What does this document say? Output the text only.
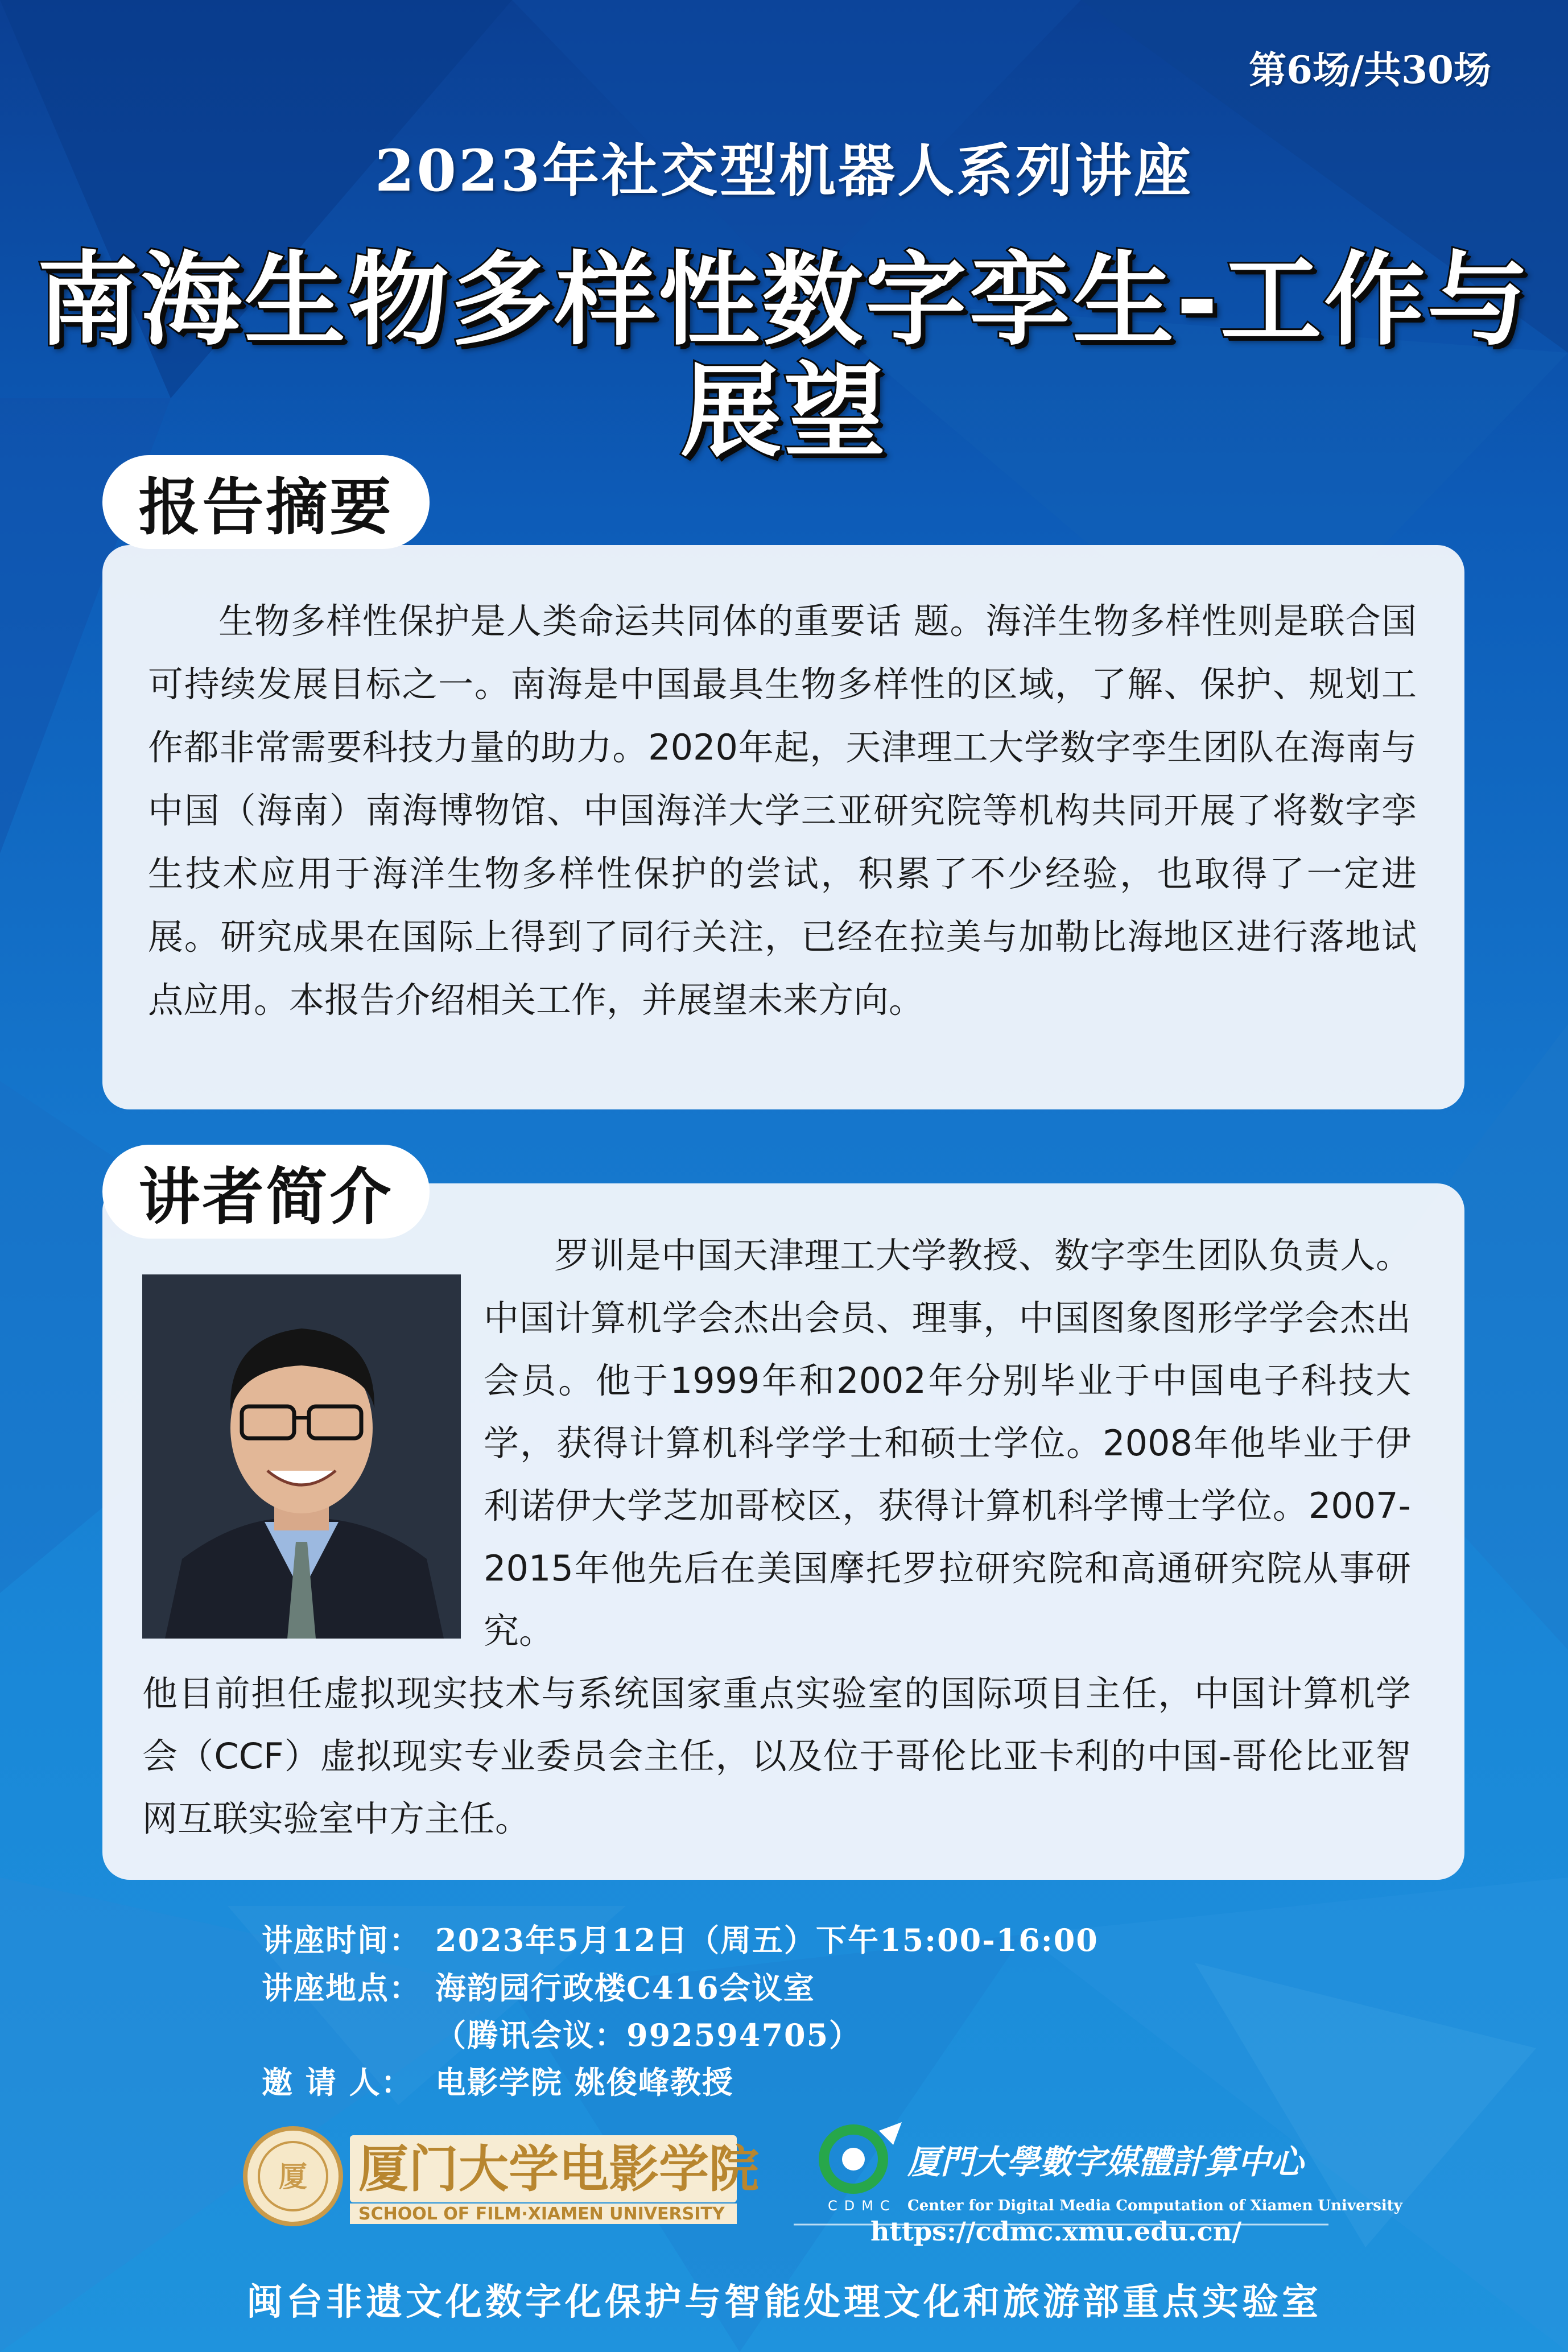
第6场/共30场
2023年社交型机器人系列讲座
南海生物多样性数字孪生-工作与展望
生物多样性保护是人类命运共同体的重要话 题。海洋生物多样性则是联合国可持续发展目标之一。南海是中国最具生物多样性的区域，了解、保护、规划工作都非常需要科技力量的助力。2020年起，天津理工大学数字孪生团队在海南与中国（海南）南海博物馆、中国海洋大学三亚研究院等机构共同开展了将数字孪生技术应用于海洋生物多样性保护的尝试，积累了不少经验，也取得了一定进展。研究成果在国际上得到了同行关注，已经在拉美与加勒比海地区进行落地试点应用。本报告介绍相关工作，并展望未来方向。
报告摘要
罗训是中国天津理工大学教授、数字孪生团队负责人。中国计算机学会杰出会员、理事，中国图象图形学学会杰出会员。他于1999年和2002年分别毕业于中国电子科技大学，获得计算机科学学士和硕士学位。2008年他毕业于伊利诺伊大学芝加哥校区，获得计算机科学博士学位。2007-2015年他先后在美国摩托罗拉研究院和高通研究院从事研究。
他目前担任虚拟现实技术与系统国家重点实验室的国际项目主任，中国计算机学会（CCF）虚拟现实专业委员会主任，以及位于哥伦比亚卡利的中国-哥伦比亚智网互联实验室中方主任。
讲者简介
讲座时间： 2023年5月12日（周五）下午15:00-16:00
讲座地点： 海韵园行政楼C416会议室
（腾讯会议：992594705）
邀 请 人： 电影学院 姚俊峰教授
厦 厦门大学电影学院
SCHOOL OF FILM·XIAMEN UNIVERSITY	CDMC
厦門大學數字媒體計算中心
Center for Digital Media Computation of Xiamen University
https://cdmc.xmu.edu.cn/
闽台非遗文化数字化保护与智能处理文化和旅游部重点实验室
